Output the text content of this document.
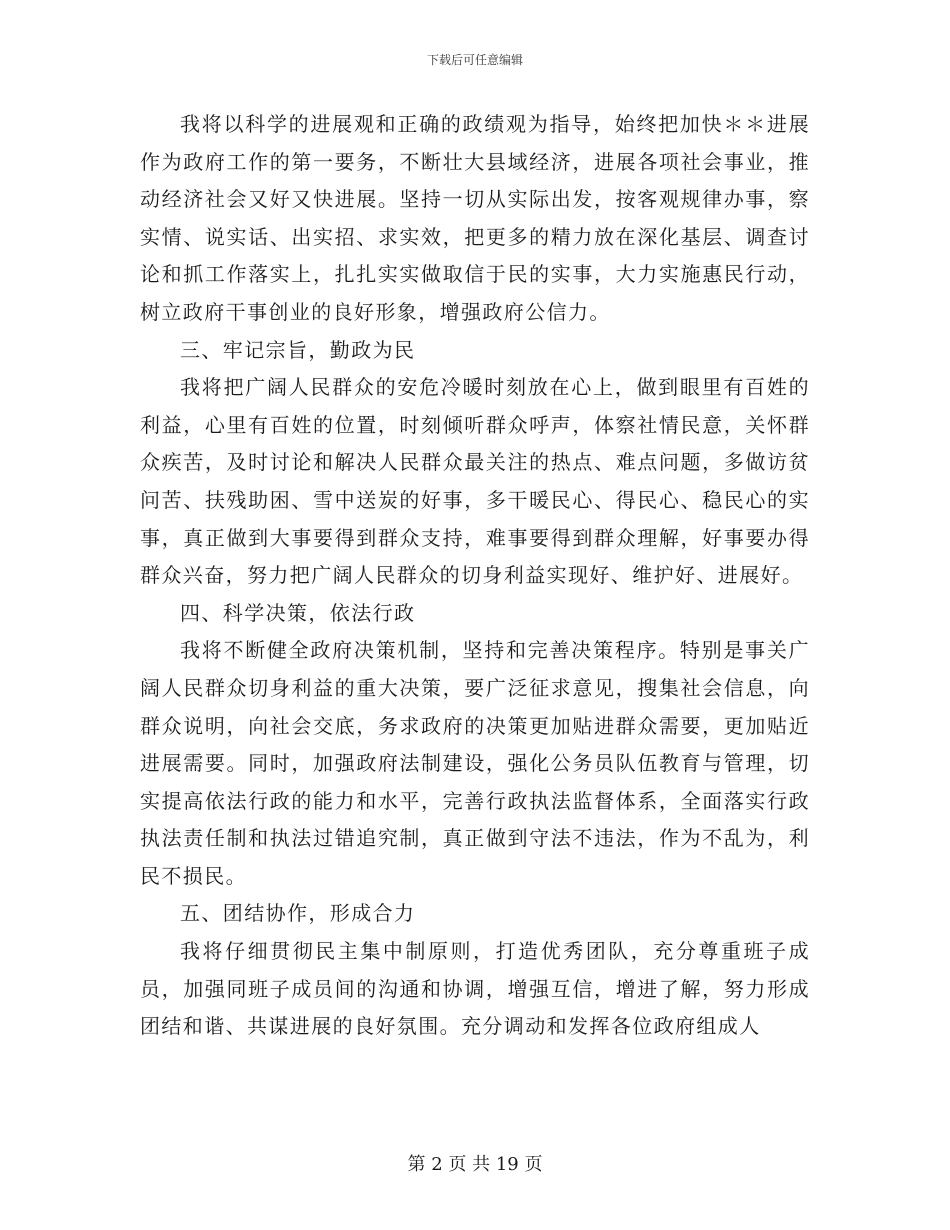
下载后可任意编辑

我将以科学的进展观和正确的政绩观为指导，始终把加快＊＊进展作为政府工作的第一要务，不断壮大县域经济，进展各项社会事业，推动经济社会又好又快进展。坚持一切从实际出发，按客观规律办事，察实情、说实话、出实招、求实效，把更多的精力放在深化基层、调查讨论和抓工作落实上，扎扎实实做取信于民的实事，大力实施惠民行动，树立政府干事创业的良好形象，增强政府公信力。

三、牢记宗旨，勤政为民

我将把广阔人民群众的安危冷暖时刻放在心上，做到眼里有百姓的利益，心里有百姓的位置，时刻倾听群众呼声，体察社情民意，关怀群众疾苦，及时讨论和解决人民群众最关注的热点、难点问题，多做访贫问苦、扶残助困、雪中送炭的好事，多干暖民心、得民心、稳民心的实事，真正做到大事要得到群众支持，难事要得到群众理解，好事要办得群众兴奋，努力把广阔人民群众的切身利益实现好、维护好、进展好。

四、科学决策，依法行政

我将不断健全政府决策机制，坚持和完善决策程序。特别是事关广阔人民群众切身利益的重大决策，要广泛征求意见，搜集社会信息，向群众说明，向社会交底，务求政府的决策更加贴进群众需要，更加贴近进展需要。同时，加强政府法制建设，强化公务员队伍教育与管理，切实提高依法行政的能力和水平，完善行政执法监督体系，全面落实行政执法责任制和执法过错追究制，真正做到守法不违法，作为不乱为，利民不损民。

五、团结协作，形成合力

我将仔细贯彻民主集中制原则，打造优秀团队，充分尊重班子成员，加强同班子成员间的沟通和协调，增强互信，增进了解，努力形成团结和谐、共谋进展的良好氛围。充分调动和发挥各位政府组成人

第 2 页 共 19 页
